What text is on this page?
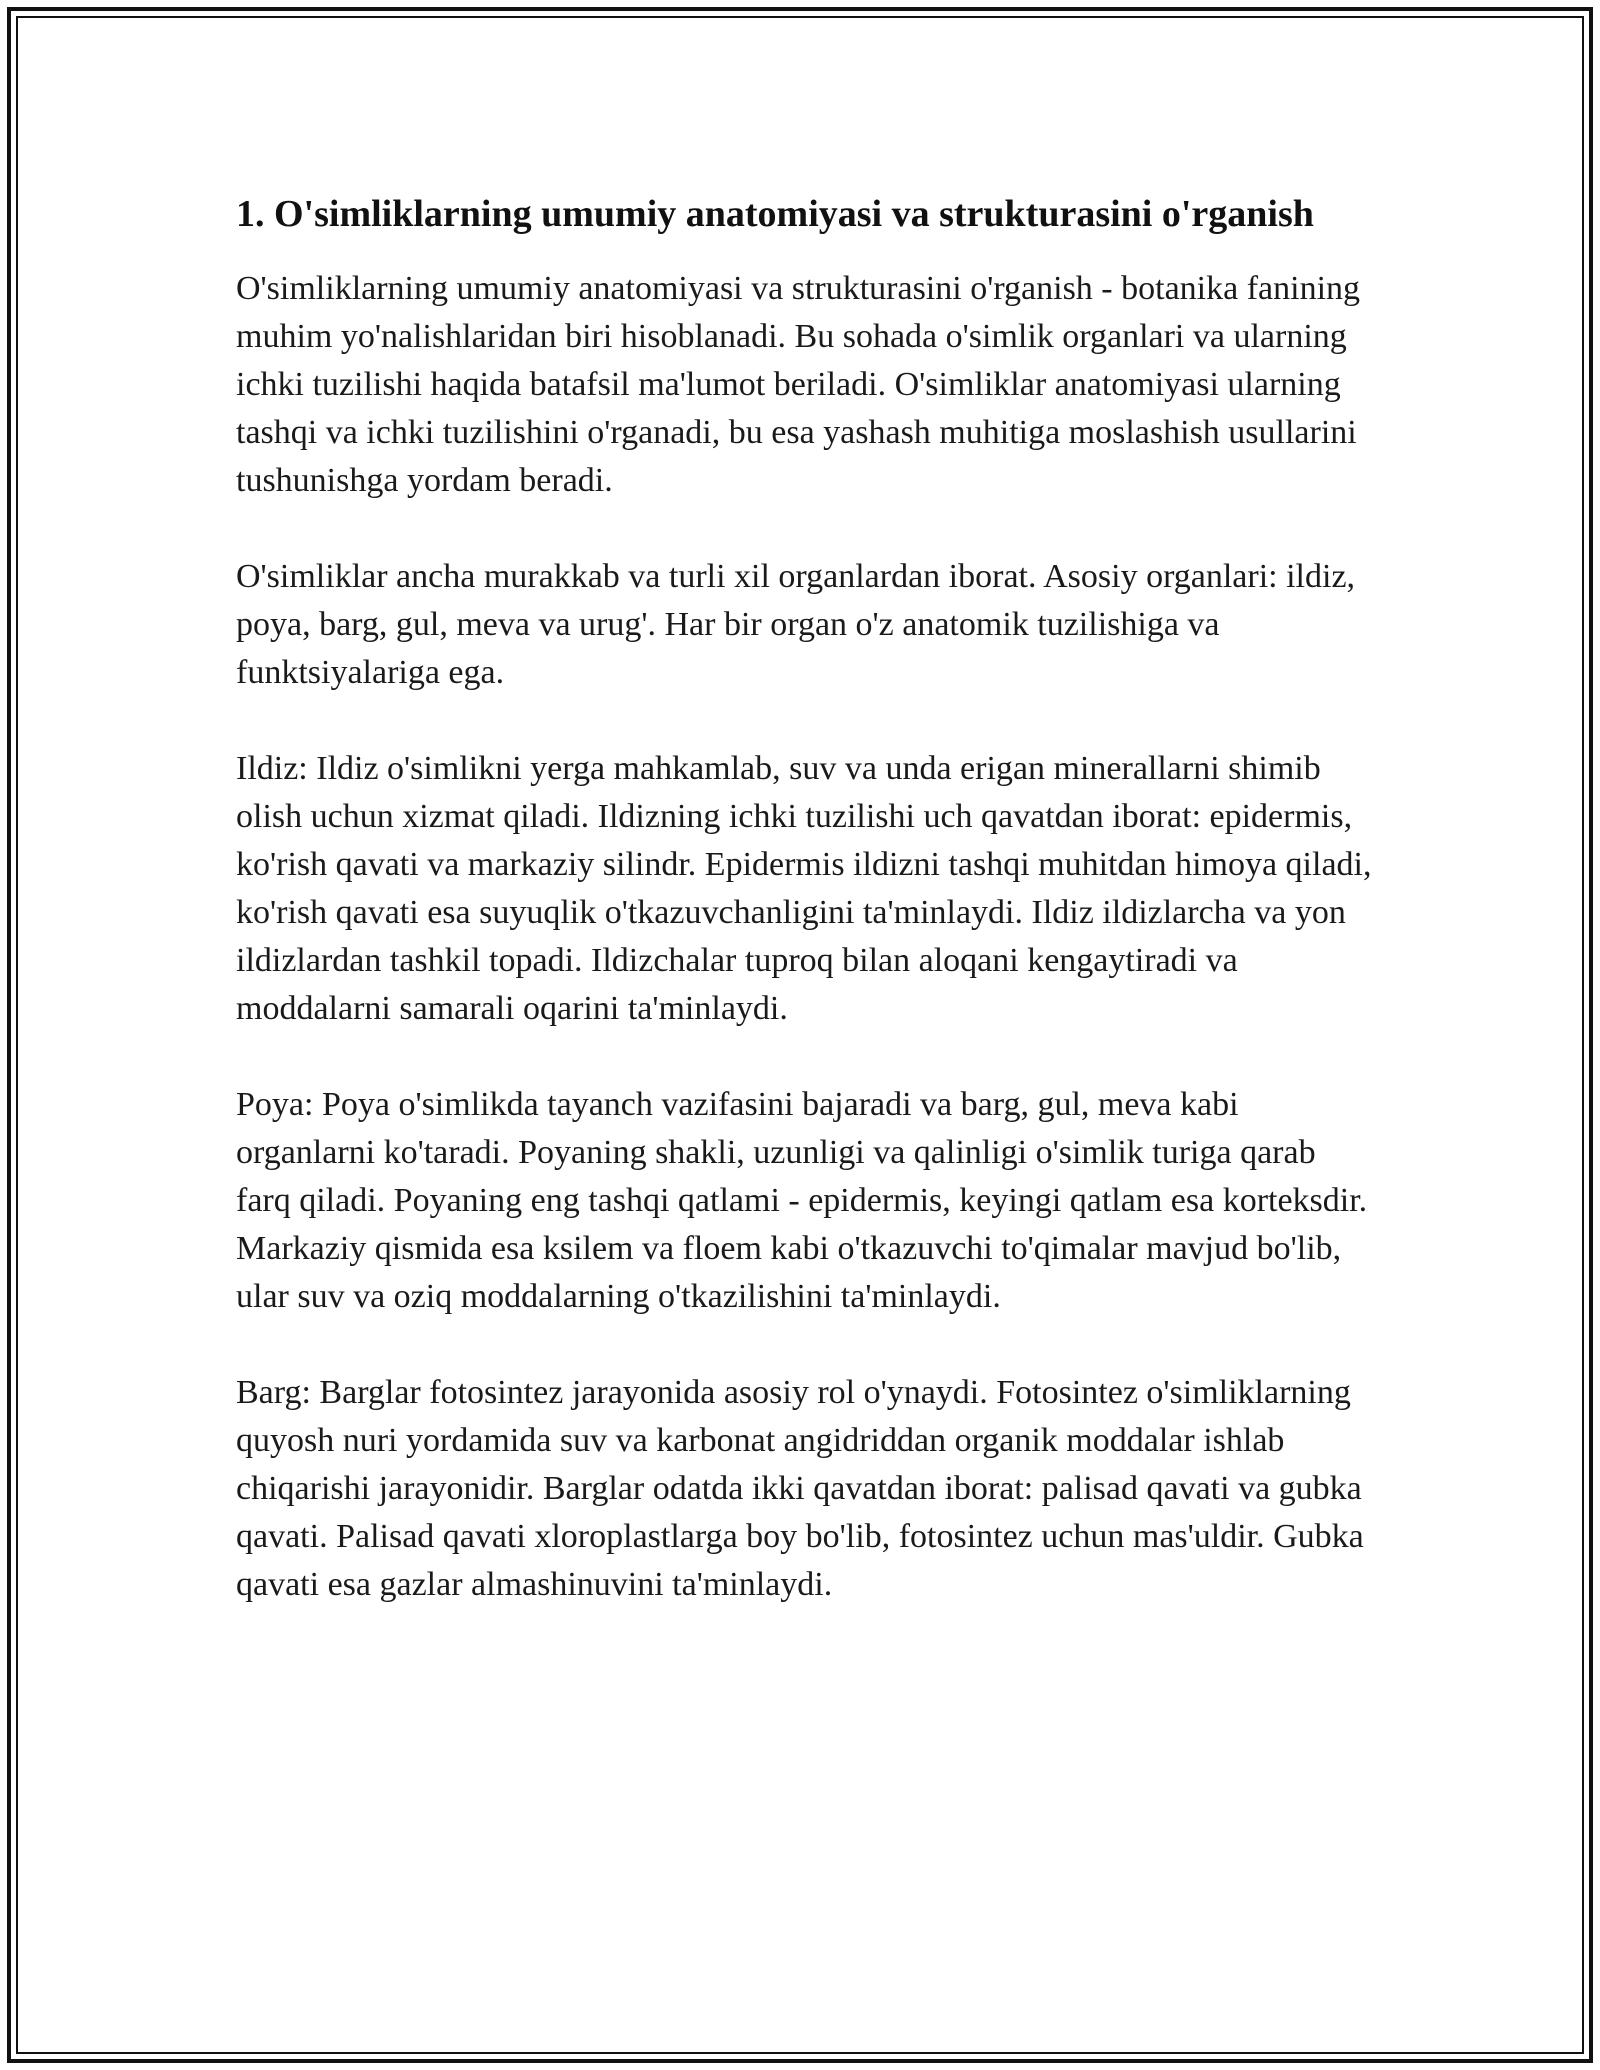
1. O'simliklarning umumiy anatomiyasi va strukturasini o'rganish

O'simliklarning umumiy anatomiyasi va strukturasini o'rganish - botanika fanining muhim yo'nalishlaridan biri hisoblanadi. Bu sohada o'simlik organlari va ularning ichki tuzilishi haqida batafsil ma'lumot beriladi. O'simliklar anatomiyasi ularning tashqi va ichki tuzilishini o'rganadi, bu esa yashash muhitiga moslashish usullarini tushunishga yordam beradi.

O'simliklar ancha murakkab va turli xil organlardan iborat. Asosiy organlari: ildiz, poya, barg, gul, meva va urug'. Har bir organ o'z anatomik tuzilishiga va funktsiyalariga ega.

Ildiz: Ildiz o'simlikni yerga mahkamlab, suv va unda erigan minerallarni shimib olish uchun xizmat qiladi. Ildizning ichki tuzilishi uch qavatdan iborat: epidermis, ko'rish qavati va markaziy silindr. Epidermis ildizni tashqi muhitdan himoya qiladi, ko'rish qavati esa suyuqlik o'tkazuvchanligini ta'minlaydi. Ildiz ildizlarcha va yon ildizlardan tashkil topadi. Ildizchalar tuproq bilan aloqani kengaytiradi va moddalarni samarali oqarini ta'minlaydi.

Poya: Poya o'simlikda tayanch vazifasini bajaradi va barg, gul, meva kabi organlarni ko'taradi. Poyaning shakli, uzunligi va qalinligi o'simlik turiga qarab farq qiladi. Poyaning eng tashqi qatlami - epidermis, keyingi qatlam esa korteksdir. Markaziy qismida esa ksilem va floem kabi o'tkazuvchi to'qimalar mavjud bo'lib, ular suv va oziq moddalarning o'tkazilishini ta'minlaydi.

Barg: Barglar fotosintez jarayonida asosiy rol o'ynaydi. Fotosintez o'simliklarning quyosh nuri yordamida suv va karbonat angidriddan organik moddalar ishlab chiqarishi jarayonidir. Barglar odatda ikki qavatdan iborat: palisad qavati va gubka qavati. Palisad qavati xloroplastlarga boy bo'lib, fotosintez uchun mas'uldir. Gubka qavati esa gazlar almashinuvini ta'minlaydi.
